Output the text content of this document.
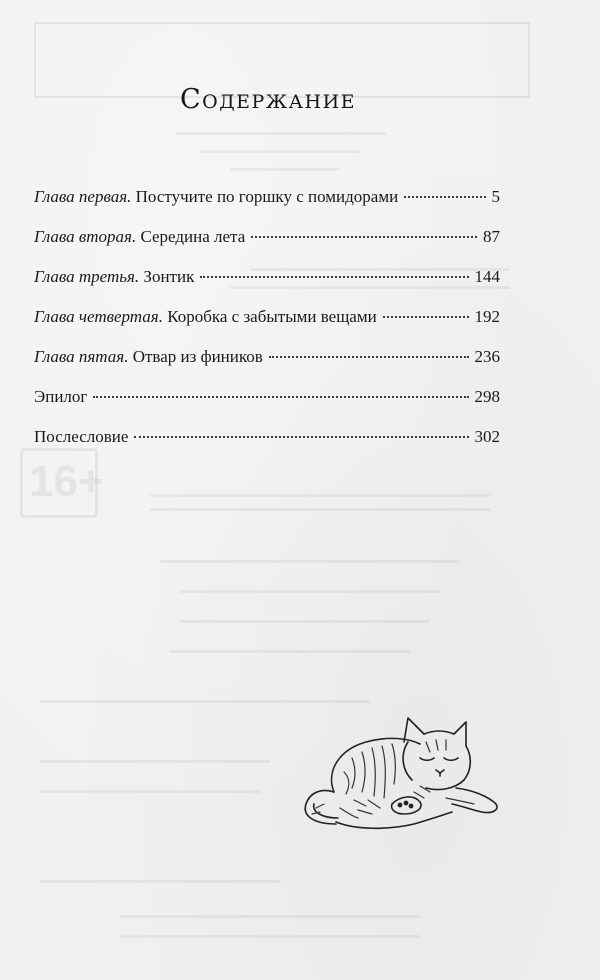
16+
Содержание
Глава первая. Постучите по горшку с помидорами	5
Глава вторая. Середина лета	87
Глава третья. Зонтик	144
Глава четвертая. Коробка с забытыми вещами	192
Глава пятая. Отвар из фиников	236
Эпилог	298
Послесловие	302
